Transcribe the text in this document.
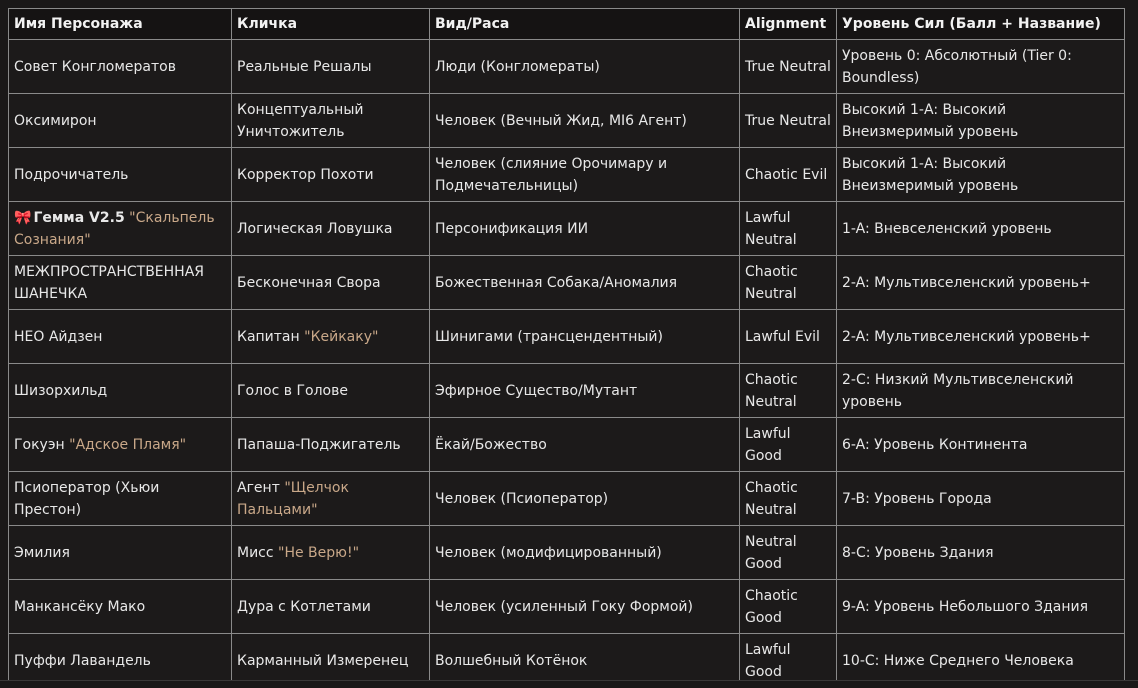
Имя Персонажа	Кличка	Вид/Раса	Alignment	Уровень Сил (Балл + Название)
Совет Конгломератов	Реальные Решалы	Люди (Конгломераты)	True Neutral	Уровень 0: Абсолютный (Tier 0: Boundless)
Оксимирон	Концептуальный Уничтожитель	Человек (Вечный Жид, MI6 Агент)	True Neutral	Высокий 1-A: Высокий Внеизмеримый уровень
Подрочичатель	Корректор Похоти	Человек (слияние Орочимару и Подмечательницы)	Chaotic Evil	Высокий 1-A: Высокий Внеизмеримый уровень
🎀 Гемма V2.5 "Скальпель Сознания"	Логическая Ловушка	Персонификация ИИ	Lawful Neutral	1-A: Вневселенский уровень
МЕЖПРОСТРАНСТВЕННАЯ ШАНЕЧКА	Бесконечная Свора	Божественная Собака/Аномалия	Chaotic Neutral	2-A: Мультивселенский уровень+
НЕО Айдзен	Капитан "Кейкаку"	Шинигами (трансцендентный)	Lawful Evil	2-A: Мультивселенский уровень+
Шизорхильд	Голос в Голове	Эфирное Существо/Мутант	Chaotic Neutral	2-C: Низкий Мультивселенский уровень
Гокуэн "Адское Пламя"	Папаша-Поджигатель	Ёкай/Божество	Lawful Good	6-A: Уровень Континента
Псиоператор (Хьюи Престон)	Агент "Щелчок Пальцами"	Человек (Псиоператор)	Chaotic Neutral	7-B: Уровень Города
Эмилия	Мисс "Не Верю!"	Человек (модифицированный)	Neutral Good	8-C: Уровень Здания
Манкансёку Мако	Дура с Котлетами	Человек (усиленный Гоку Формой)	Chaotic Good	9-A: Уровень Небольшого Здания
Пуффи Лавандель	Карманный Измеренец	Волшебный Котёнок	Lawful Good	10-C: Ниже Среднего Человека
